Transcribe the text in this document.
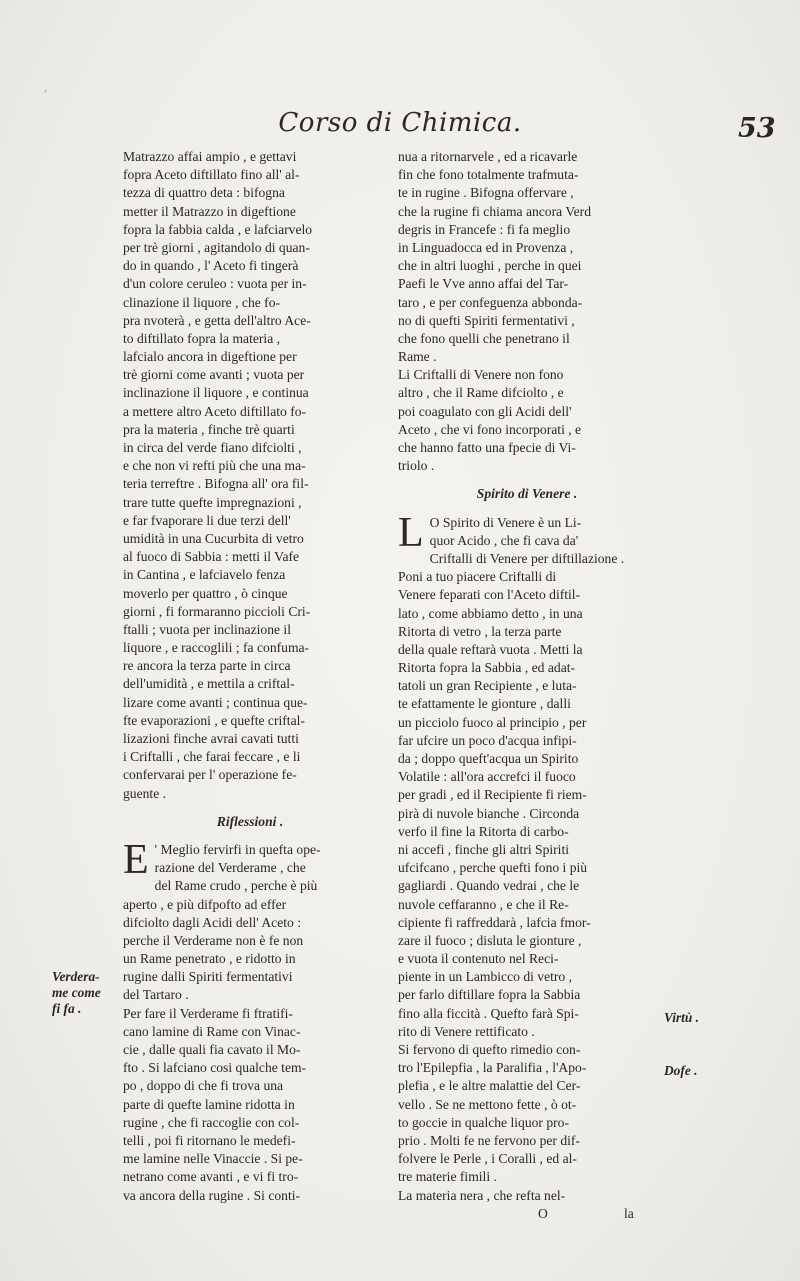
Corso di Chimica.	53
Matrazzo affai ampio , e gettavi
fopra Aceto diftillato fino all' al-
tezza di quattro deta : bifogna
metter il Matrazzo in digeftione
fopra la fabbia calda , e lafciarvelo
per trè giorni , agitandolo di quan-
do in quando , l' Aceto fi tingerà
d'un colore ceruleo : vuota per in-
clinazione il liquore , che fo-
pra nvoterà , e getta dell'altro Ace-
to diftillato fopra la materia ,
lafcialo ancora in digeftione per
trè giorni come avanti ; vuota per
inclinazione il liquore , e continua
a mettere altro Aceto diftillato fo-
pra la materia , finche trè quarti
in circa del verde fiano difciolti ,
e che non vi refti più che una ma-
teria terreftre . Bifogna all' ora fil-
trare tutte quefte impregnazioni ,
e far fvaporare li due terzi dell'
umidità in una Cucurbita di vetro
al fuoco di Sabbia : metti il Vafe
in Cantina , e lafciavelo fenza
moverlo per quattro , ò cinque
giorni , fi formaranno piccioli Cri-
ftalli ; vuota per inclinazione il
liquore , e raccoglili ; fa confuma-
re ancora la terza parte in circa
dell'umidità , e mettila a criftal-
lizare come avanti ; continua que-
fte evaporazioni , e quefte criftal-
lizazioni finche avrai cavati tutti
i Criftalli , che farai feccare , e li
confervarai per l' operazione fe-
guente .
Riflessioni .
E ' Meglio fervirfi in quefta ope-
razione del Verderame , che
del Rame crudo , perche è più
aperto , e più difpofto ad effer
difciolto dagli Acidi dell' Aceto :
perche il Verderame non è fe non
un Rame penetrato , e ridotto in
rugine dalli Spiriti fermentativi
del Tartaro .
Per fare il Verderame fi ftratifi-
cano lamine di Rame con Vinac-
cie , dalle quali fia cavato il Mo-
fto . Si lafciano cosi qualche tem-
po , doppo di che fi trova una
parte di quefte lamine ridotta in
rugine , che fi raccoglie con col-
telli , poi fi ritornano le medefi-
me lamine nelle Vinaccie . Si pe-
netrano come avanti , e vi fi tro-
va ancora della rugine . Si conti-
Verdera-
me come
fi fa .
nua a ritornarvele , ed a ricavarle
fin che fono totalmente trafmuta-
te in rugine . Bifogna offervare ,
che la rugine fi chiama ancora Verd
degris in Francefe : fi fa meglio
in Linguadocca ed in Provenza ,
che in altri luoghi , perche in quei
Paefi le Vve anno affai del Tar-
taro , e per confeguenza abbonda-
no di quefti Spiriti fermentativi ,
che fono quelli che penetrano il
Rame .
Li Criftalli di Venere non fono
altro , che il Rame difciolto , e
poi coagulato con gli Acidi dell'
Aceto , che vi fono incorporati , e
che hanno fatto una fpecie di Vi-
triolo .
Spirito di Venere .
L O Spirito di Venere è un Li-
quor Acido , che fi cava da'
Criftalli di Venere per diftillazione .
Poni a tuo piacere Criftalli di
Venere feparati con l'Aceto diftil-
lato , come abbiamo detto , in una
Ritorta di vetro , la terza parte
della quale reftarà vuota . Metti la
Ritorta fopra la Sabbia , ed adat-
tatoli un gran Recipiente , e luta-
te efattamente le gionture , dalli
un picciolo fuoco al principio , per
far ufcire un poco d'acqua infipi-
da ; doppo queft'acqua un Spirito
Volatile : all'ora accrefci il fuoco
per gradi , ed il Recipiente fi riem-
pirà di nuvole bianche . Circonda
verfo il fine la Ritorta di carbo-
ni accefi , finche gli altri Spiriti
ufcifcano , perche quefti fono i più
gagliardi . Quando vedrai , che le
nuvole ceffaranno , e che il Re-
cipiente fi raffreddarà , lafcia fmor-
zare il fuoco ; disluta le gionture ,
e vuota il contenuto nel Reci-
piente in un Lambicco di vetro ,
per farlo diftillare fopra la Sabbia
fino alla ficcità . Quefto farà Spi-
rito di Venere rettificato .
Si fervono di quefto rimedio con-
tro l'Epilepfia , la Paralifia , l'Apo-
plefia , e le altre malattie del Cer-
vello . Se ne mettono fette , ò ot-
to goccie in qualche liquor pro-
prio . Molti fe ne fervono per dif-
folvere le Perle , i Coralli , ed al-
tre materie fimili .
La materia nera , che refta nel-
O	la
Virtù .
Dofe .
,
